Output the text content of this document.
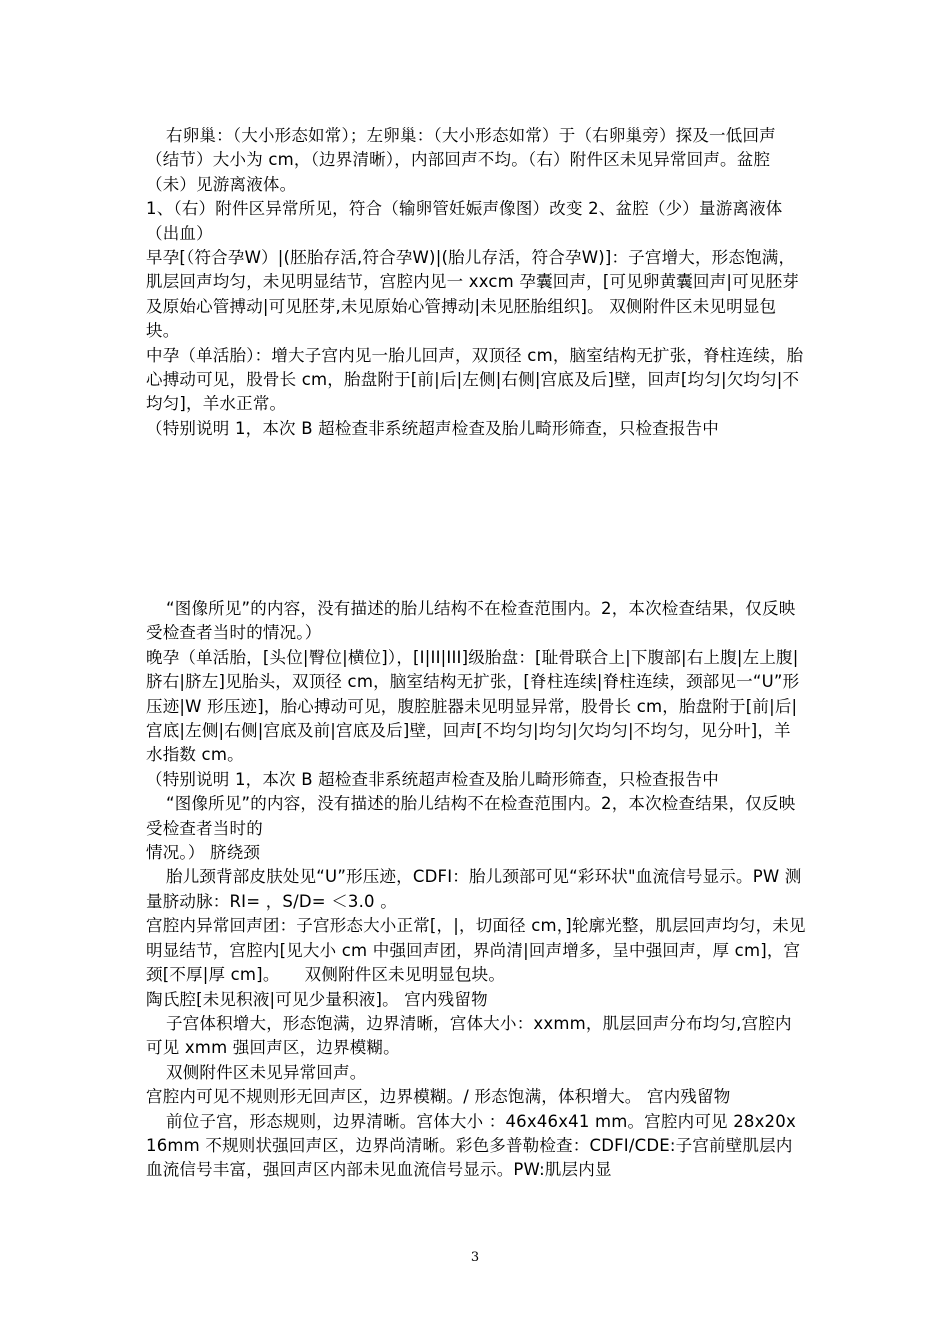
右卵巢：（大小形态如常）；左卵巢：（大小形态如常）于（右卵巢旁）探及一低回声（结节）大小为 cm，（边界清晰），内部回声不均。（右）附件区未见异常回声。盆腔（未）见游离液体。

1、（右）附件区异常所见，符合（输卵管妊娠声像图）改变 2、盆腔（少）量游离液体（出血）

早孕[（符合孕W）|(胚胎存活,符合孕W)|(胎儿存活，符合孕W)]：子宫增大，形态饱满，肌层回声均匀，未见明显结节，宫腔内见一 xxcm 孕囊回声，[可见卵黄囊回声|可见胚芽及原始心管搏动|可见胚芽,未见原始心管搏动|未见胚胎组织]。 双侧附件区未见明显包块。

中孕（单活胎）：增大子宫内见一胎儿回声，双顶径 cm，脑室结构无扩张，脊柱连续，胎心搏动可见，股骨长 cm，胎盘附于[前|后|左侧|右侧|宫底及后]壁，回声[均匀|欠均匀|不均匀]，羊水正常。

（特别说明 1，本次 B 超检查非系统超声检查及胎儿畸形筛查，只检查报告中

“图像所见”的内容，没有描述的胎儿结构不在检查范围内。2，本次检查结果，仅反映受检查者当时的情况。）

晚孕（单活胎，[头位|臀位|横位]），[I|II|III]级胎盘：[耻骨联合上|下腹部|右上腹|左上腹|脐右|脐左]见胎头，双顶径 cm，脑室结构无扩张，[脊柱连续|脊柱连续，颈部见一“U”形压迹|W 形压迹]，胎心搏动可见，腹腔脏器未见明显异常，股骨长 cm，胎盘附于[前|后|宫底|左侧|右侧|宫底及前|宫底及后]壁，回声[不均匀|均匀|欠均匀|不均匀，见分叶]，羊水指数 cm。

（特别说明 1，本次 B 超检查非系统超声检查及胎儿畸形筛查，只检查报告中

“图像所见”的内容，没有描述的胎儿结构不在检查范围内。2，本次检查结果，仅反映受检查者当时的

情况。） 脐绕颈

胎儿颈背部皮肤处见“U”形压迹，CDFI：胎儿颈部可见“彩环状"血流信号显示。PW 测量脐动脉：RI= ，S/D= ＜3.0 。

宫腔内异常回声团：子宫形态大小正常[，|，切面径 cm，]轮廓光整，肌层回声均匀，未见明显结节，宫腔内[见大小 cm 中强回声团，界尚清|回声增多，呈中强回声，厚 cm]，宫颈[不厚|厚 cm]。　　双侧附件区未见明显包块。

陶氏腔[未见积液|可见少量积液]。 宫内残留物

子宫体积增大，形态饱满，边界清晰，宫体大小：xxmm，肌层回声分布均匀,宫腔内可见 xmm 强回声区，边界模糊。

双侧附件区未见异常回声。

宫腔内可见不规则形无回声区，边界模糊。/ 形态饱满，体积增大。 宫内残留物

前位子宫，形态规则，边界清晰。宫体大小 ：46x46x41 mm。宫腔内可见 28x20x16mm 不规则状强回声区，边界尚清晰。彩色多普勒检查：CDFI/CDE:子宫前壁肌层内血流信号丰富，强回声区内部未见血流信号显示。PW:肌层内显

3
